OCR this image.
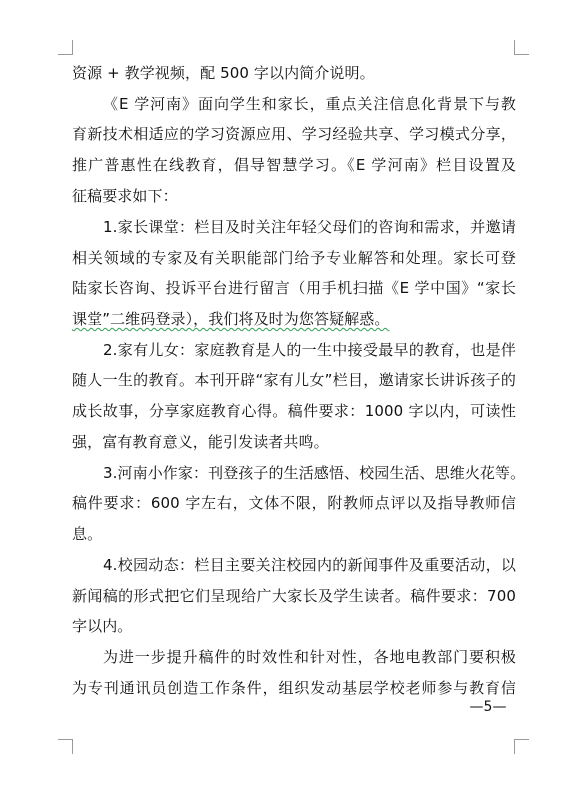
资源 + 教学视频，配 500 字以内简介说明。
《E 学河南》面向学生和家长，重点关注信息化背景下与教
育新技术相适应的学习资源应用、学习经验共享、学习模式分享，
推广普惠性在线教育，倡导智慧学习。《E 学河南》栏目设置及
征稿要求如下：
1.家长课堂：栏目及时关注年轻父母们的咨询和需求，并邀请
相关领域的专家及有关职能部门给予专业解答和处理。家长可登
陆家长咨询、投诉平台进行留言（用手机扫描《E 学中国》“家长
课堂”二维码登录），我们将及时为您答疑解惑。
2.家有儿女：家庭教育是人的一生中接受最早的教育，也是伴
随人一生的教育。本刊开辟“家有儿女”栏目，邀请家长讲诉孩子的
成长故事，分享家庭教育心得。稿件要求：1000 字以内，可读性
强，富有教育意义，能引发读者共鸣。
3.河南小作家：刊登孩子的生活感悟、校园生活、思维火花等。
稿件要求：600 字左右，文体不限，附教师点评以及指导教师信
息。
4.校园动态：栏目主要关注校园内的新闻事件及重要活动，以
新闻稿的形式把它们呈现给广大家长及学生读者。稿件要求：700
字以内。
为进一步提升稿件的时效性和针对性，各地电教部门要积极
为专刊通讯员创造工作条件，组织发动基层学校老师参与教育信
—5—
